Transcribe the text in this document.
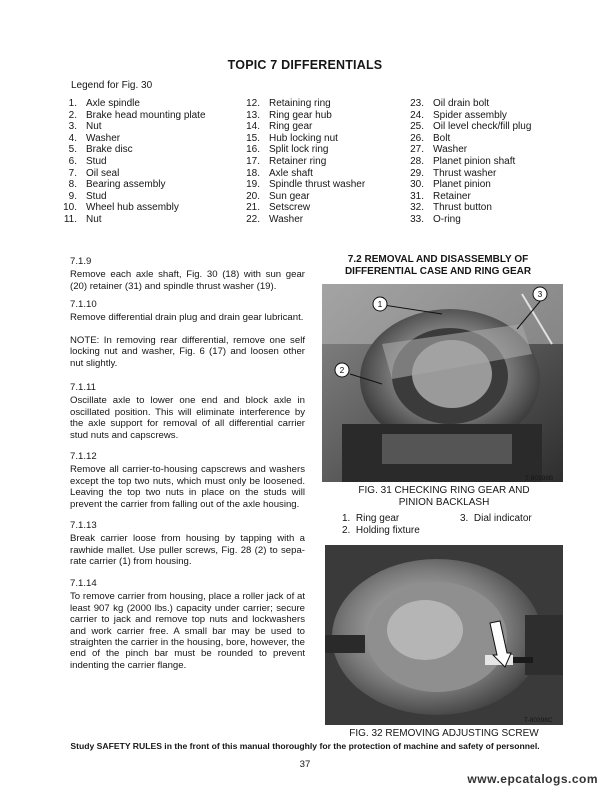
TOPIC 7 DIFFERENTIALS
Legend for Fig. 30
1. Axle spindle
2. Brake head mounting plate
3. Nut
4. Washer
5. Brake disc
6. Stud
7. Oil seal
8. Bearing assembly
9. Stud
10. Wheel hub assembly
11. Nut
12. Retaining ring
13. Ring gear hub
14. Ring gear
15. Hub locking nut
16. Split lock ring
17. Retainer ring
18. Axle shaft
19. Spindle thrust washer
20. Sun gear
21. Setscrew
22. Washer
23. Oil drain bolt
24. Spider assembly
25. Oil level check/fill plug
26. Bolt
27. Washer
28. Planet pinion shaft
29. Thrust washer
30. Planet pinion
31. Retainer
32. Thrust button
33. O-ring
7.1.9

Remove each axle shaft, Fig. 30 (18) with sun gear (20) retainer (31) and spindle thrust washer (19).

7.1.10

Remove differential drain plug and drain gear lubricant.

NOTE: In removing rear differential, remove one self locking nut and washer, Fig. 6 (17) and loosen other nut slightly.

7.1.11

Oscillate axle to lower one end and block axle in oscillated position. This will eliminate interference by the axle support for removal of all differential carrier stud nuts and capscrews.

7.1.12

Remove all carrier-to-housing capscrews and washers except the top two nuts, which must only be loosened. Leaving the top two nuts in place on the studs will prevent the carrier from falling out of the axle housing.

7.1.13

Break carrier loose from housing by tapping with a rawhide mallet. Use puller screws, Fig. 28 (2) to sepa-rate carrier (1) from housing.

7.1.14

To remove carrier from housing, place a roller jack of at least 907 kg (2000 lbs.) capacity under carrier; secure carrier to jack and remove top nuts and lockwashers and work carrier free. A small bar may be used to straighten the carrier in the housing, bore, however, the end of the pinch bar must be rounded to prevent indenting the carrier flange.

7.2 REMOVAL AND DISASSEMBLY OF
DIFFERENTIAL CASE AND RING GEAR
1
3
2
T-80398B
FIG. 31 CHECKING RING GEAR AND
PINION BACKLASH
1. Ring gear
2. Holding fixture
3. Dial indicator
T-80398C
FIG. 32 REMOVING ADJUSTING SCREW
Study SAFETY RULES in the front of this manual thoroughly for the protection of machine and safety of personnel.
37
www.epcatalogs.com
